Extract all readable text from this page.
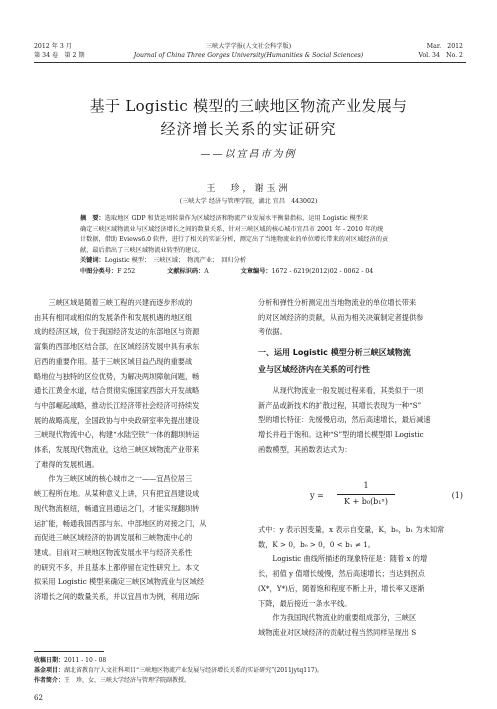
2012 年 3 月
第 34 卷　第 2 期
三峡大学学报(人文社会科学版)
Journal of China Three Gorges University(Humanities & Social Sciences)
Mar.　2012
Vol. 34　No. 2
基于 Logistic 模型的三峡地区物流产业发展与
经济增长关系的实证研究
——以宜昌市为例
王　珍，谢玉洲
(三峡大学 经济与管理学院，湖北 宜昌　443002)

摘　要：选取地区 GDP 和货运周转量作为区域经济和物流产业发展水平衡量指标，运用 Logistic 模型来

确定三峡区域物流业与区域经济增长之间的数量关系，针对三峡区域的核心城市宜昌市 2001 年 - 2010 年的统

计数据，借助 Eviews6.0 软件，进行了相关的实证分析，测定出了当地物流业的单位增长带来的对区域经济的贡

献，最后指出了三峡区域物流业转型的建议。

关键词：Logistic 模型；　三峡区域；　物流产业；　回归分析

中图分类号：F 252	文献标识码：A	文章编号：1672 - 6219(2012)02 - 0062 - 04

　　三峡区域是随着三峡工程的兴建而逐步形成的

由其有相同或相似的发展条件和发展机遇的地区组

成的经济区域，位于我国经济发达的东部地区与资源

富集的西部地区结合部，在区域经济发展中具有承东

启西的重要作用。基于三峡区域目益凸现的重要战

略地位与独特的区位优势，为解决两坝障航问题，畅

通长江黄金水道，结合贯彻实施国家西部大开发战略

与中部崛起战略，推动长江经济带社会经济可持续发

展的战略高度，全国政协与中央政研室率先提出建设

三峡现代物流中心，构建“水陆空铁”一体的翻坝转运

体系，发展现代物流业，这给三峡区域物流产业带来

了难得的发展机遇。

　　作为三峡区域的核心城市之一——宜昌位居三

峡工程所在地。从某种意义上讲，只有把宜昌建设成

现代物流枢纽，畅通宜昌通运之门，才能实现翻坝转

运扩能，畅通我国西部与东、中部地区的对接之门，从

而促进三峡区域经济的协调发展和三峡物流中心的

建成。目前对三峡地区物流发展水平与经济关系性

的研究不多，并且基本上都停留在定性研究上。本文

拟采用 Logistic 模型来确定三峡区域物流业与区域经

济增长之间的数量关系，并以宜昌市为例，利用边际

分析和弹性分析测定出当地物流业的单位增长带来

的对区域经济的贡献，从而为相关决策制定者提供参

考依据。

一、运用 Logistic 模型分析三峡区域物流
业与区域经济内在关系的可行性

　　从现代物流业一般发展过程来看，其类似于一项

新产品或新技术的扩散过程，其增长表现为一种“S”

型的增长特征：先缓慢启动，然后高速增长，最后减速

增长并趋于饱和。这种“S”型的增长模型即 Logistic

函数模型，其函数表达式为：

y =
1
K + b₀(b₁ˣ)
(1)

式中：y 表示因变量，x 表示自变量，K，b₀，b₁ 为未知常

数，K > 0，b₀ > 0，0 < b₁ ≠ 1。

　　Logistic 曲线所描述的现象特征是：随着 x 的增

长，初值 y 值增长缓慢，然后高速增长；当达到拐点

(X*，Y*)后，随着饱和程度不断上升，增长率又逐渐

下降，最后接近一条水平线。

　　作为我国现代物流业的重要组成部分，三峡区

域物流业对区域经济的贡献过程当然同样呈现出 S

收稿日期：2011 - 10 - 08
基金项目：湖北省教育厅人文社科项目“三峡地区物流产业发展与经济增长关系的实证研究”(2011jytq117)。
作者简介：王　珍，女，三峡大学经济与管理学院副教授。
62
